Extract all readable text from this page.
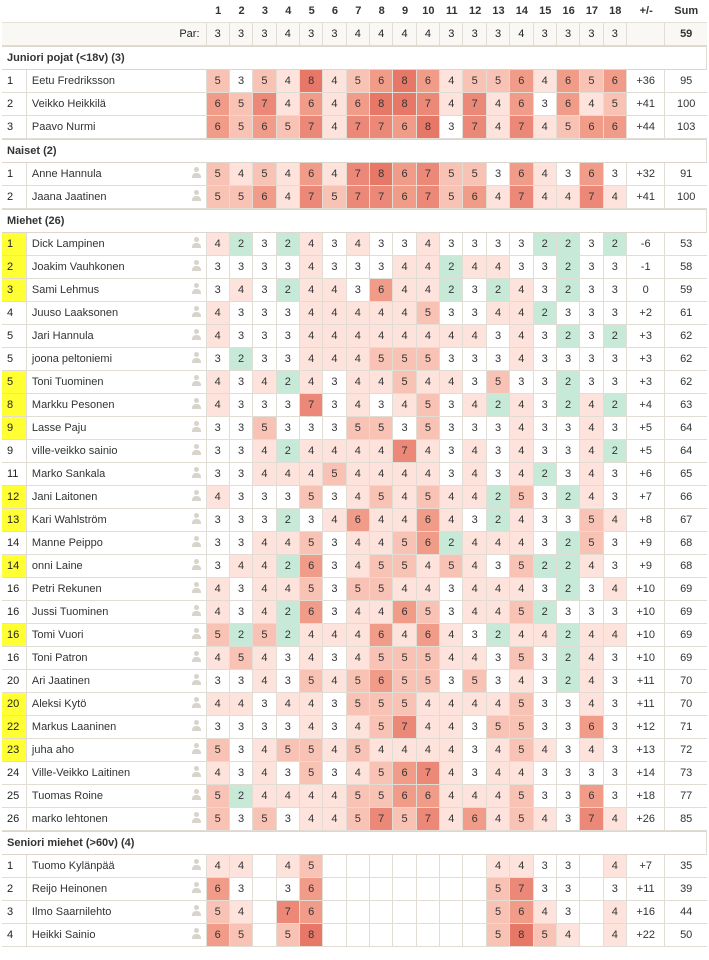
			1	2	3	4	5	6	7	8	9	10	11	12	13	14	15	16	17	18	+/-	Sum
Par:			3	3	3	4	3	3	4	4	4	4	3	3	3	4	3	3	3	3		59
Juniori pojat (<18v) (3)																						
1	Eetu Fredriksson		5	3	5	4	8	4	5	6	8	6	4	5	5	6	4	6	5	6	+36	95
2	Veikko Heikkilä		6	5	7	4	6	4	6	8	8	7	4	7	4	6	3	6	4	5	+41	100
3	Paavo Nurmi		6	5	6	5	7	4	7	7	6	8	3	7	4	7	4	5	6	6	+44	103
Naiset (2)																						
1	Anne Hannula		5	4	5	4	6	4	7	8	6	7	5	5	3	6	4	3	6	3	+32	91
2	Jaana Jaatinen		5	5	6	4	7	5	7	7	6	7	5	6	4	7	4	4	7	4	+41	100
Miehet (26)																						
1	Dick Lampinen		4	2	3	2	4	3	4	3	3	4	3	3	3	3	2	2	3	2	-6	53
2	Joakim Vauhkonen		3	3	3	3	4	3	3	3	4	4	2	4	4	3	3	2	3	3	-1	58
3	Sami Lehmus		3	4	3	2	4	4	3	6	4	4	2	3	2	4	3	2	3	3	0	59
4	Juuso Laaksonen		4	3	3	3	4	4	4	4	4	5	3	3	4	4	2	3	3	3	+2	61
5	Jari Hannula		4	3	3	3	4	4	4	4	4	4	4	4	3	4	3	2	3	2	+3	62
5	joona peltoniemi		3	2	3	3	4	4	4	5	5	5	3	3	3	4	3	3	3	3	+3	62
5	Toni Tuominen		4	3	4	2	4	3	4	4	5	4	4	3	5	3	3	2	3	3	+3	62
8	Markku Pesonen		4	3	3	3	7	3	4	3	4	5	3	4	2	4	3	2	4	2	+4	63
9	Lasse Paju		3	3	5	3	3	3	5	5	3	5	3	3	3	4	3	3	4	3	+5	64
9	ville-veikko sainio		3	3	4	2	4	4	4	4	7	4	3	4	3	4	3	3	4	2	+5	64
11	Marko Sankala		3	3	4	4	4	5	4	4	4	4	3	4	3	4	2	3	4	3	+6	65
12	Jani Laitonen		4	3	3	3	5	3	4	5	4	5	4	4	2	5	3	2	4	3	+7	66
13	Kari Wahlström		3	3	3	2	3	4	6	4	4	6	4	3	2	4	3	3	5	4	+8	67
14	Manne Peippo		3	3	4	4	5	3	4	4	5	6	2	4	4	4	3	2	5	3	+9	68
14	onni Laine		3	4	4	2	6	3	4	5	5	4	5	4	3	5	2	2	4	3	+9	68
16	Petri Rekunen		4	3	4	4	5	3	5	5	4	4	3	4	4	4	3	2	3	4	+10	69
16	Jussi Tuominen		4	3	4	2	6	3	4	4	6	5	3	4	4	5	2	3	3	3	+10	69
16	Tomi Vuori		5	2	5	2	4	4	4	6	4	6	4	3	2	4	4	2	4	4	+10	69
16	Toni Patron		4	5	4	3	4	3	4	5	5	5	4	4	3	5	3	2	4	3	+10	69
20	Ari Jaatinen		3	3	4	3	5	4	5	6	5	5	3	5	3	4	3	2	4	3	+11	70
20	Aleksi Kytö		4	4	3	4	4	3	5	5	5	4	4	4	4	5	3	3	4	3	+11	70
22	Markus Laaninen		3	3	3	3	4	3	4	5	7	4	4	3	5	5	3	3	6	3	+12	71
23	juha aho		5	3	4	5	5	4	5	4	4	4	4	3	4	5	4	3	4	3	+13	72
24	Ville-Veikko Laitinen		4	3	4	3	5	3	4	5	6	7	4	3	4	4	3	3	3	3	+14	73
25	Tuomas Roine		5	2	4	4	4	4	5	5	6	6	4	4	4	5	3	3	6	3	+18	77
26	marko lehtonen		5	3	5	3	4	4	5	7	5	7	4	6	4	5	4	3	7	4	+26	85
Seniori miehet (>60v) (4)																						
1	Tuomo Kylänpää		4	4		4	5								4	4	3	3		4	+7	35
2	Reijo Heinonen		6	3		3	6								5	7	3	3		3	+11	39
3	Ilmo Saarnilehto		5	4		7	6								5	6	4	3		4	+16	44
4	Heikki Sainio		6	5		5	8								5	8	5	4		4	+22	50
